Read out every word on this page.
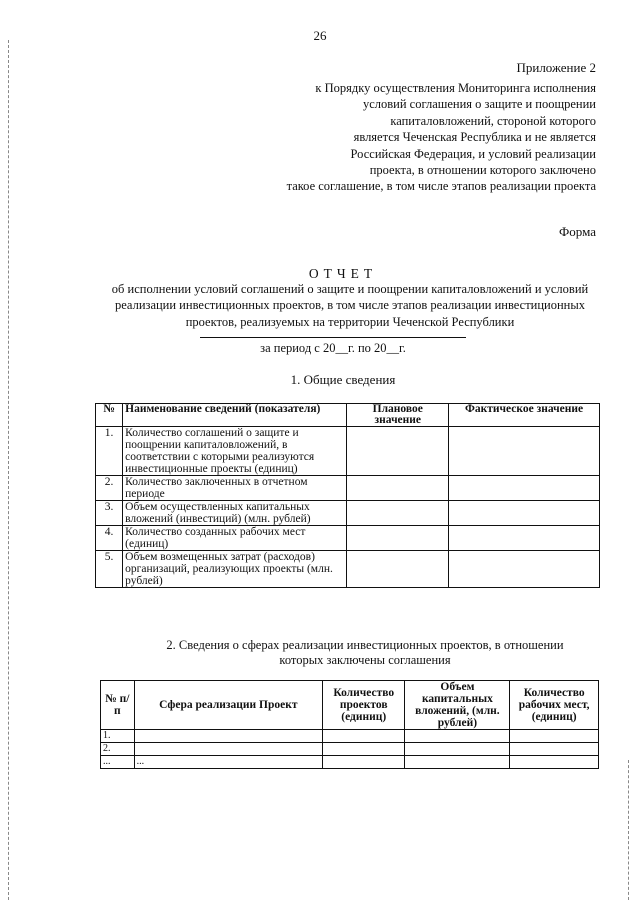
26
Приложение 2
к Порядку осуществления Мониторинга исполнения
условий соглашения о защите и поощрении
капиталовложений, стороной которого
является Чеченская Республика и не является
Российская Федерация, и условий реализации
проекта, в отношении которого заключено
такое соглашение, в том числе этапов реализации проекта
Форма
ОТЧЕТ
об исполнении условий соглашений о защите и поощрении капиталовложений и условий
реализации инвестиционных проектов, в том числе этапов реализации инвестиционных
проектов, реализуемых на территории Чеченской Республики
за период с 20__г. по 20__г.
1. Общие сведения
№	Наименование сведений (показателя)	Плановое значение	Фактическое значение
1.	Количество соглашений о защите и поощрении капиталовложений, в соответствии с которыми реализуются инвестиционные проекты (единиц)		
2.	Количество заключенных в отчетном периоде		
3.	Объем осуществленных капитальных вложений (инвестиций) (млн. рублей)		
4.	Количество созданных рабочих мест (единиц)		
5.	Объем возмещенных затрат (расходов) организаций, реализующих проекты (млн. рублей)		
2. Сведения о сферах реализации инвестиционных проектов, в отношении
которых заключены соглашения
№ п/п	Сфера реализации Проект	Количество проектов (единиц)	Объем капитальных вложений, (млн. рублей)	Количество рабочих мест, (единиц)
1.				
2.				
...	...			
